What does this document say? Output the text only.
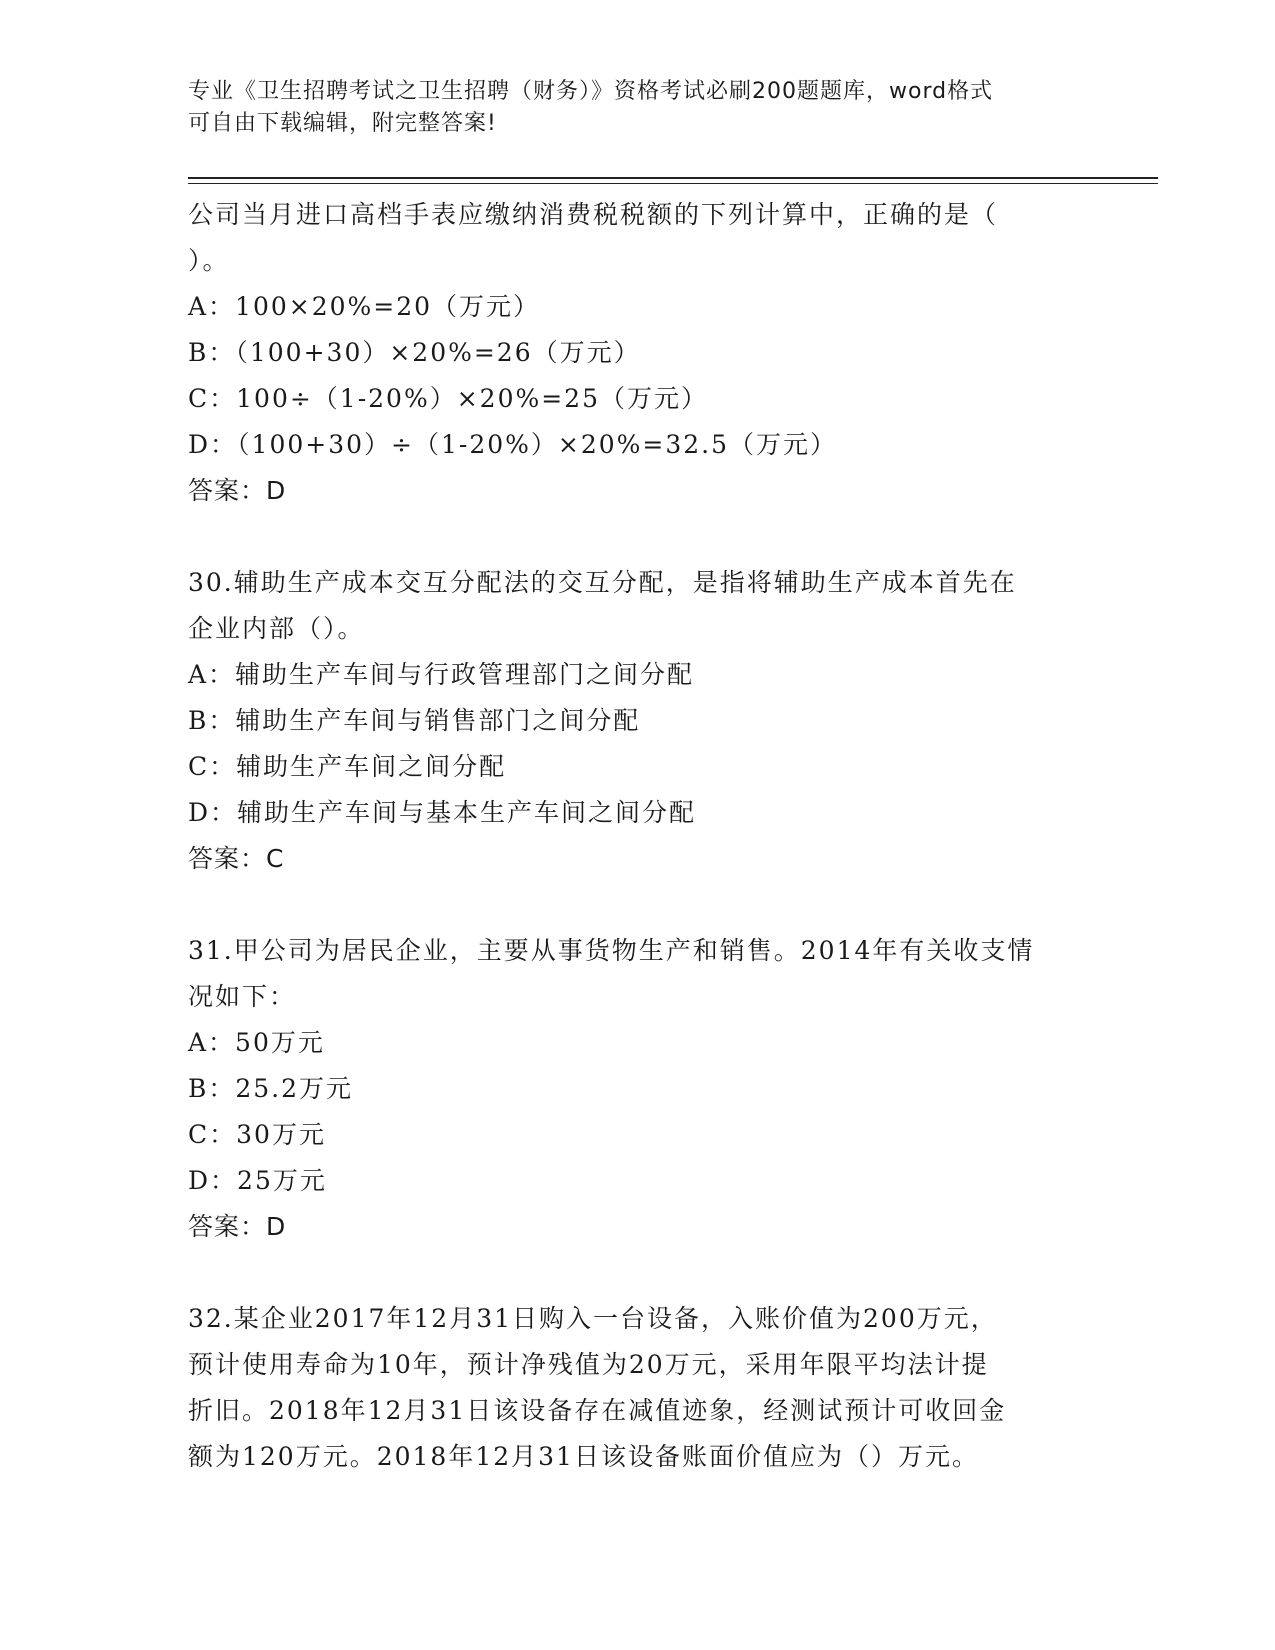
专业《卫生招聘考试之卫生招聘（财务）》资格考试必刷200题题库，word格式
可自由下载编辑，附完整答案!
公司当月进口高档手表应缴纳消费税税额的下列计算中，正确的是（
）。
A：100×20%=20（万元）
B：（100+30）×20%=26（万元）
C：100÷（1-20%）×20%=25（万元）
D：（100+30）÷（1-20%）×20%=32.5（万元）
答案：D
30.辅助生产成本交互分配法的交互分配，是指将辅助生产成本首先在
企业内部（）。
A：辅助生产车间与行政管理部门之间分配
B：辅助生产车间与销售部门之间分配
C：辅助生产车间之间分配
D：辅助生产车间与基本生产车间之间分配
答案：C
31.甲公司为居民企业，主要从事货物生产和销售。2014年有关收支情
况如下：
A：50万元
B：25.2万元
C：30万元
D：25万元
答案：D
32.某企业2017年12月31日购入一台设备，入账价值为200万元，
预计使用寿命为10年，预计净残值为20万元，采用年限平均法计提
折旧。2018年12月31日该设备存在减值迹象，经测试预计可收回金
额为120万元。2018年12月31日该设备账面价值应为（）万元。
